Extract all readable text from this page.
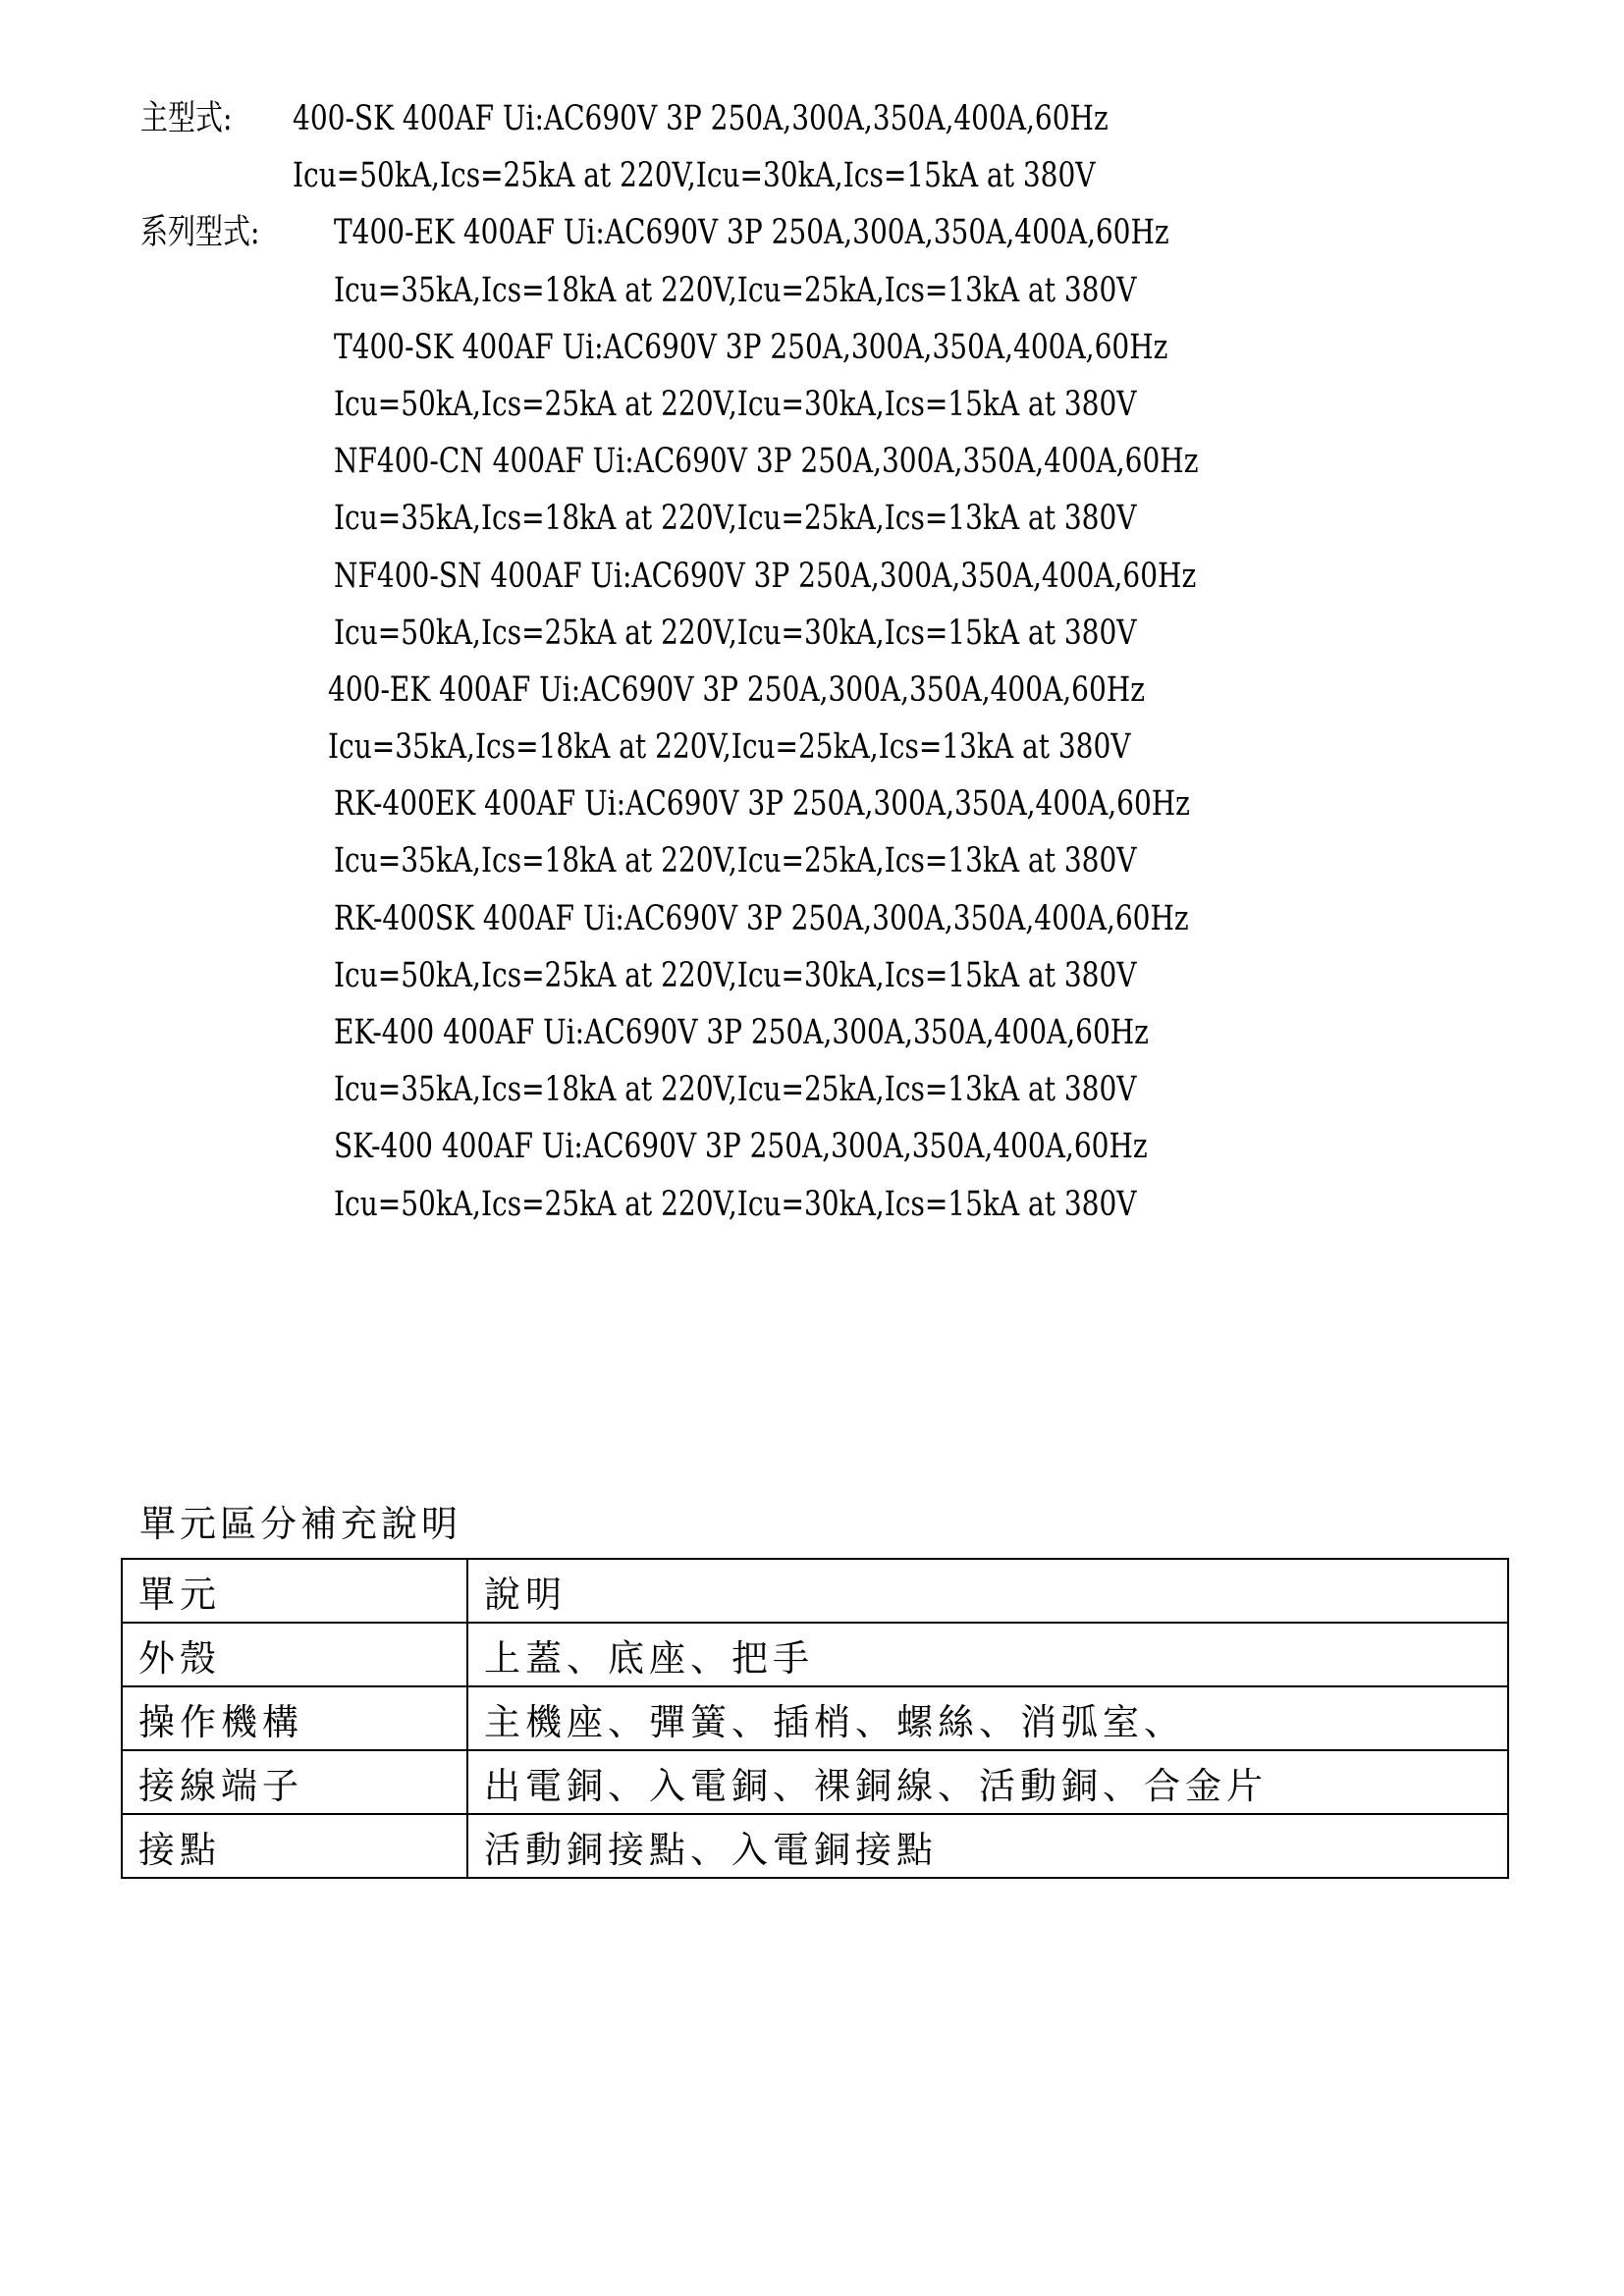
主型式:

400-SK 400AF Ui:AC690V 3P 250A,300A,350A,400A,60Hz

Icu=50kA,Ics=25kA at 220V,Icu=30kA,Ics=15kA at 380V

系列型式:

T400-EK 400AF Ui:AC690V 3P 250A,300A,350A,400A,60Hz

Icu=35kA,Ics=18kA at 220V,Icu=25kA,Ics=13kA at 380V

T400-SK 400AF Ui:AC690V 3P 250A,300A,350A,400A,60Hz

Icu=50kA,Ics=25kA at 220V,Icu=30kA,Ics=15kA at 380V

NF400-CN 400AF Ui:AC690V 3P 250A,300A,350A,400A,60Hz

Icu=35kA,Ics=18kA at 220V,Icu=25kA,Ics=13kA at 380V

NF400-SN 400AF Ui:AC690V 3P 250A,300A,350A,400A,60Hz

Icu=50kA,Ics=25kA at 220V,Icu=30kA,Ics=15kA at 380V

400-EK 400AF Ui:AC690V 3P 250A,300A,350A,400A,60Hz

Icu=35kA,Ics=18kA at 220V,Icu=25kA,Ics=13kA at 380V

RK-400EK 400AF Ui:AC690V 3P 250A,300A,350A,400A,60Hz

Icu=35kA,Ics=18kA at 220V,Icu=25kA,Ics=13kA at 380V

RK-400SK 400AF Ui:AC690V 3P 250A,300A,350A,400A,60Hz

Icu=50kA,Ics=25kA at 220V,Icu=30kA,Ics=15kA at 380V

EK-400 400AF Ui:AC690V 3P 250A,300A,350A,400A,60Hz

Icu=35kA,Ics=18kA at 220V,Icu=25kA,Ics=13kA at 380V

SK-400 400AF Ui:AC690V 3P 250A,300A,350A,400A,60Hz

Icu=50kA,Ics=25kA at 220V,Icu=30kA,Ics=15kA at 380V

單元區分補充說明
單元	說明
外殼	上蓋、底座、把手
操作機構	主機座、彈簧、插梢、螺絲、消弧室、
接線端子	出電銅、入電銅、裸銅線、活動銅、合金片
接點	活動銅接點、入電銅接點
